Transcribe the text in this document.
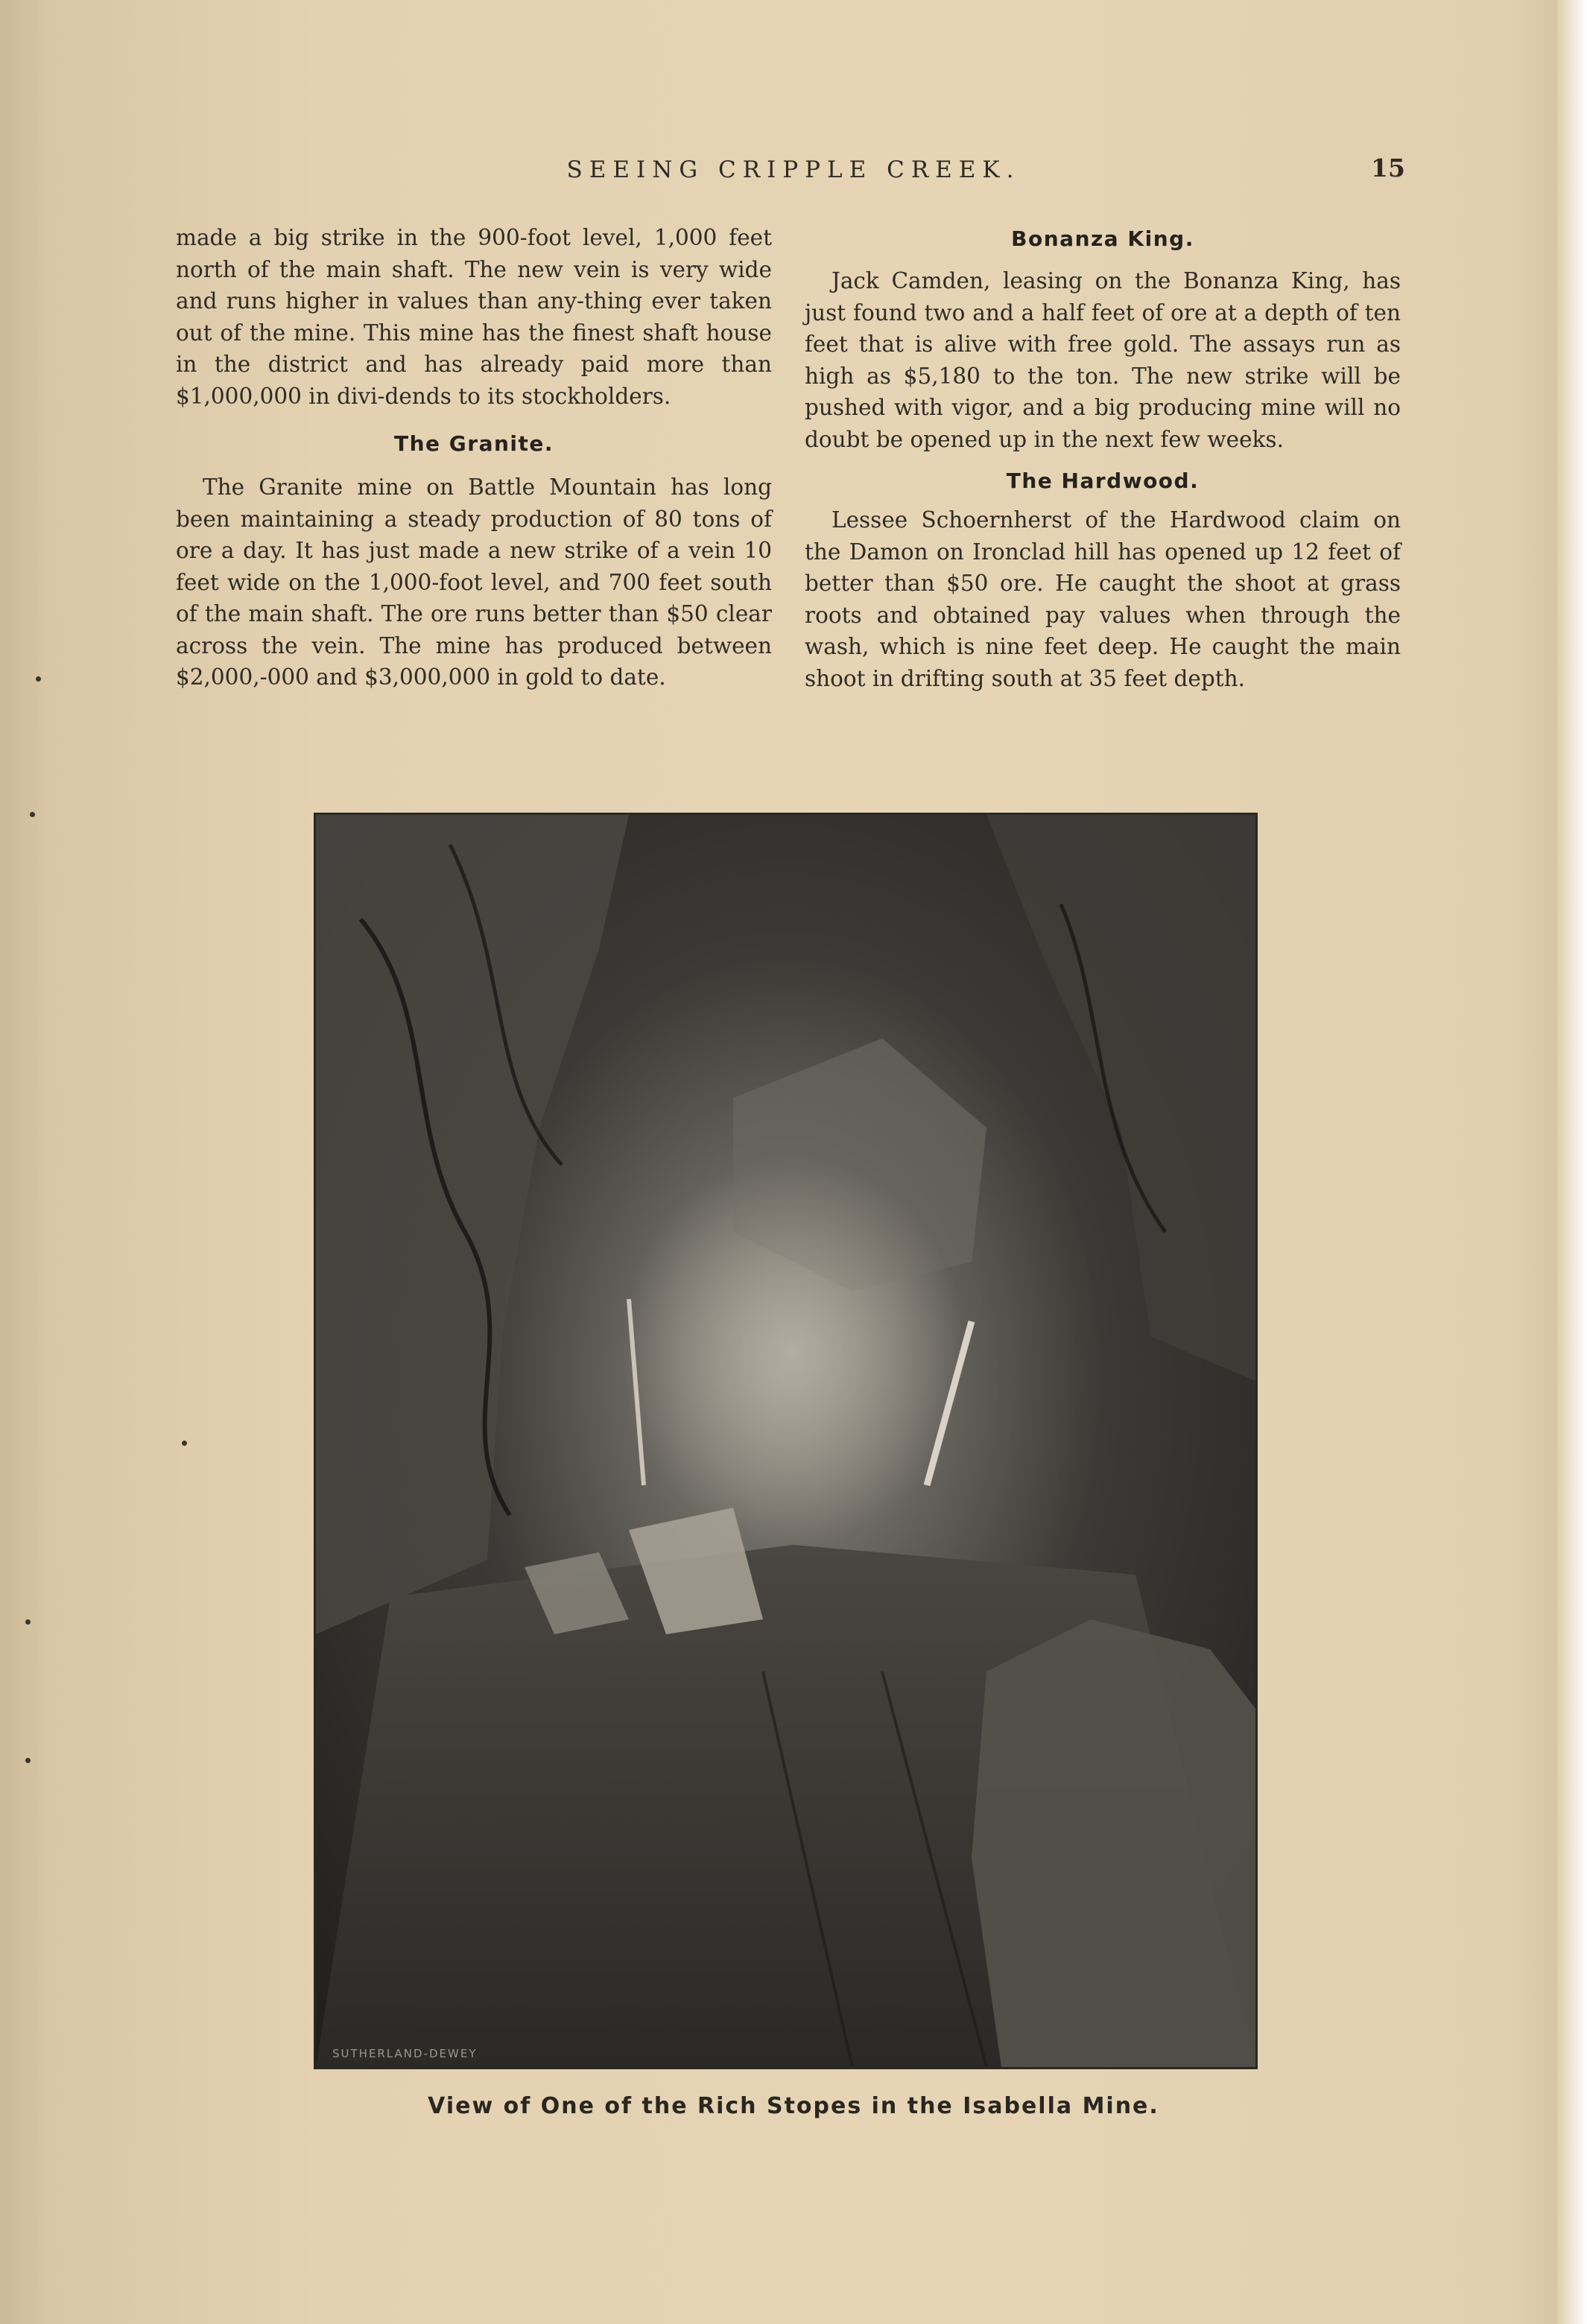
SEEING CRIPPLE CREEK.	15

made a big strike in the 900-foot level, 1,000 feet north of the main shaft. The new vein is very wide and runs higher in values than any-thing ever taken out of the mine. This mine has the finest shaft house in the district and has already paid more than $1,000,000 in divi-dends to its stockholders.

The Granite.

The Granite mine on Battle Mountain has long been maintaining a steady production of 80 tons of ore a day. It has just made a new strike of a vein 10 feet wide on the 1,000-foot level, and 700 feet south of the main shaft. The ore runs better than $50 clear across the vein. The mine has produced between $2,000,-000 and $3,000,000 in gold to date.

Bonanza King.

Jack Camden, leasing on the Bonanza King, has just found two and a half feet of ore at a depth of ten feet that is alive with free gold. The assays run as high as $5,180 to the ton. The new strike will be pushed with vigor, and a big producing mine will no doubt be opened up in the next few weeks.

The Hardwood.

Lessee Schoernherst of the Hardwood claim on the Damon on Ironclad hill has opened up 12 feet of better than $50 ore. He caught the shoot at grass roots and obtained pay values when through the wash, which is nine feet deep. He caught the main shoot in drifting south at 35 feet depth.

SUTHERLAND-DEWEY
View of One of the Rich Stopes in the Isabella Mine.
